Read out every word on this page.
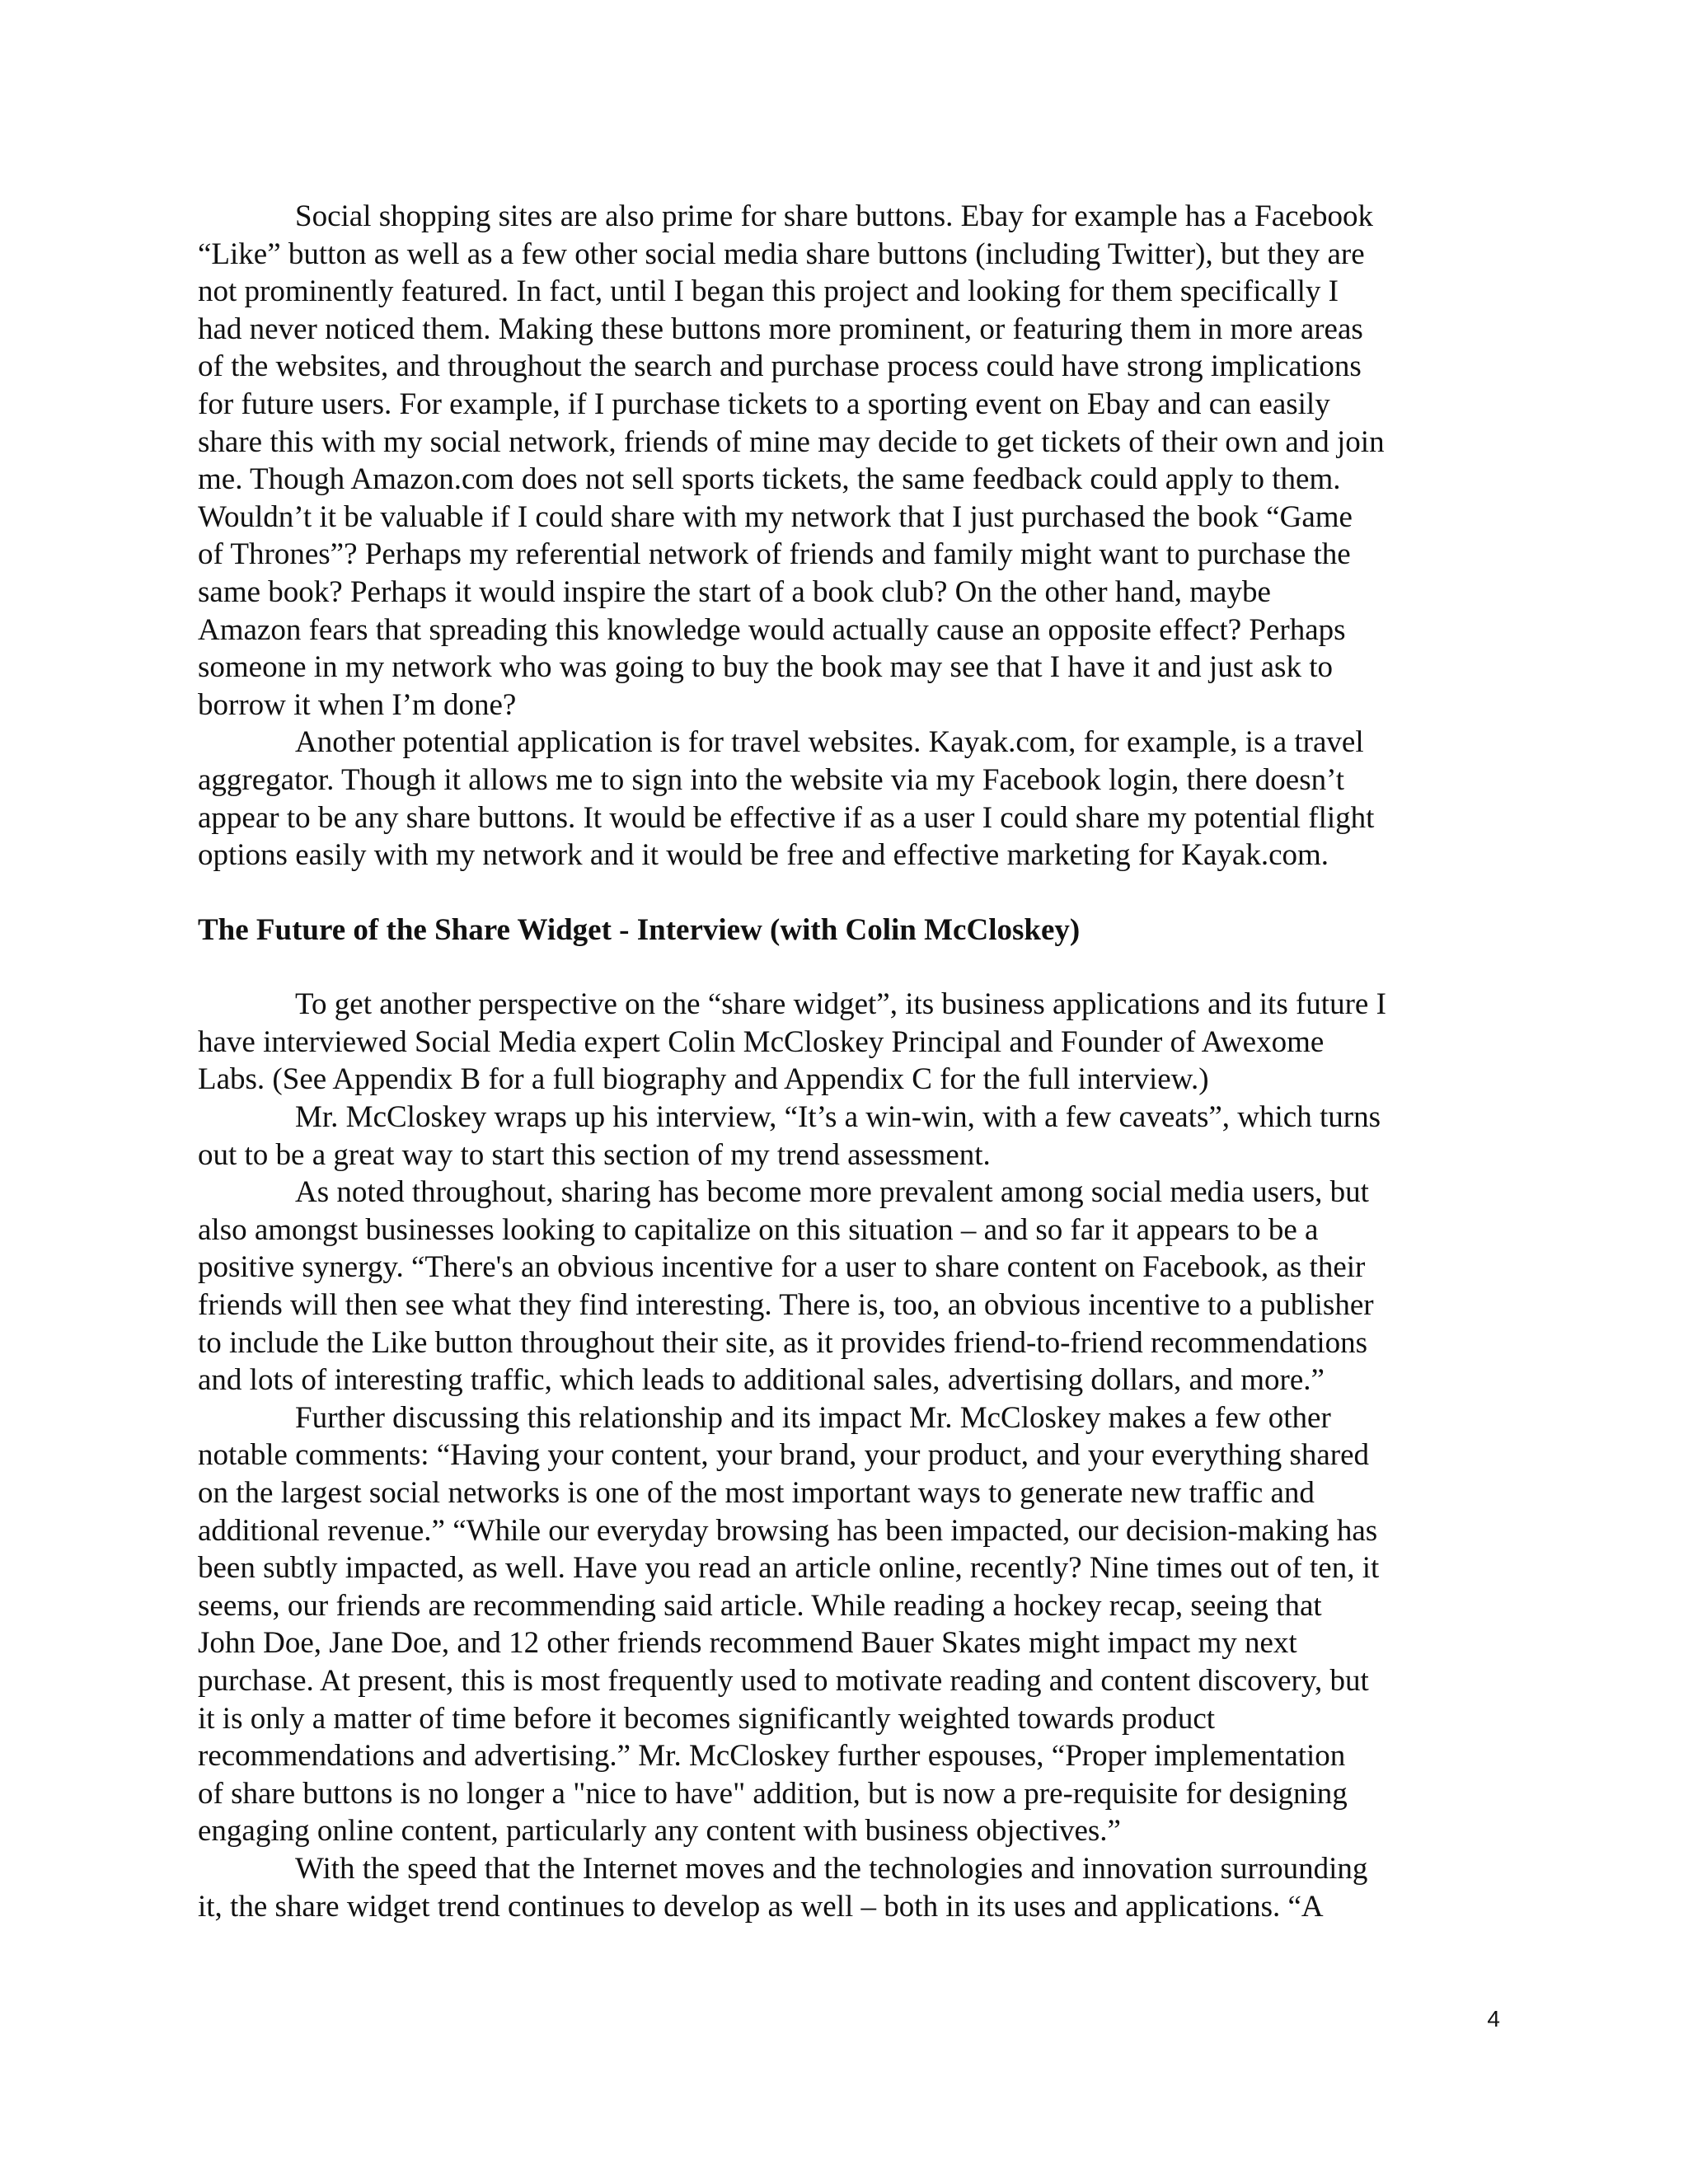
Social shopping sites are also prime for share buttons. Ebay for example has a Facebook
“Like” button as well as a few other social media share buttons (including Twitter), but they are
not prominently featured. In fact, until I began this project and looking for them specifically I
had never noticed them. Making these buttons more prominent, or featuring them in more areas
of the websites, and throughout the search and purchase process could have strong implications
for future users. For example, if I purchase tickets to a sporting event on Ebay and can easily
share this with my social network, friends of mine may decide to get tickets of their own and join
me. Though Amazon.com does not sell sports tickets, the same feedback could apply to them.
Wouldn’t it be valuable if I could share with my network that I just purchased the book “Game
of Thrones”? Perhaps my referential network of friends and family might want to purchase the
same book? Perhaps it would inspire the start of a book club? On the other hand, maybe
Amazon fears that spreading this knowledge would actually cause an opposite effect? Perhaps
someone in my network who was going to buy the book may see that I have it and just ask to
borrow it when I’m done?

Another potential application is for travel websites. Kayak.com, for example, is a travel
aggregator. Though it allows me to sign into the website via my Facebook login, there doesn’t
appear to be any share buttons. It would be effective if as a user I could share my potential flight
options easily with my network and it would be free and effective marketing for Kayak.com.

The Future of the Share Widget - Interview (with Colin McCloskey)

To get another perspective on the “share widget”, its business applications and its future I
have interviewed Social Media expert Colin McCloskey Principal and Founder of Awexome
Labs. (See Appendix B for a full biography and Appendix C for the full interview.)

Mr. McCloskey wraps up his interview, “It’s a win-win, with a few caveats”, which turns
out to be a great way to start this section of my trend assessment.

As noted throughout, sharing has become more prevalent among social media users, but
also amongst businesses looking to capitalize on this situation – and so far it appears to be a
positive synergy. “There's an obvious incentive for a user to share content on Facebook, as their
friends will then see what they find interesting. There is, too, an obvious incentive to a publisher
to include the Like button throughout their site, as it provides friend-to-friend recommendations
and lots of interesting traffic, which leads to additional sales, advertising dollars, and more.”

Further discussing this relationship and its impact Mr. McCloskey makes a few other
notable comments: “Having your content, your brand, your product, and your everything shared
on the largest social networks is one of the most important ways to generate new traffic and
additional revenue.” “While our everyday browsing has been impacted, our decision-making has
been subtly impacted, as well. Have you read an article online, recently? Nine times out of ten, it
seems, our friends are recommending said article. While reading a hockey recap, seeing that
John Doe, Jane Doe, and 12 other friends recommend Bauer Skates might impact my next
purchase. At present, this is most frequently used to motivate reading and content discovery, but
it is only a matter of time before it becomes significantly weighted towards product
recommendations and advertising.” Mr. McCloskey further espouses, “Proper implementation
of share buttons is no longer a "nice to have" addition, but is now a pre-requisite for designing
engaging online content, particularly any content with business objectives.”

With the speed that the Internet moves and the technologies and innovation surrounding
it, the share widget trend continues to develop as well – both in its uses and applications. “A

4
